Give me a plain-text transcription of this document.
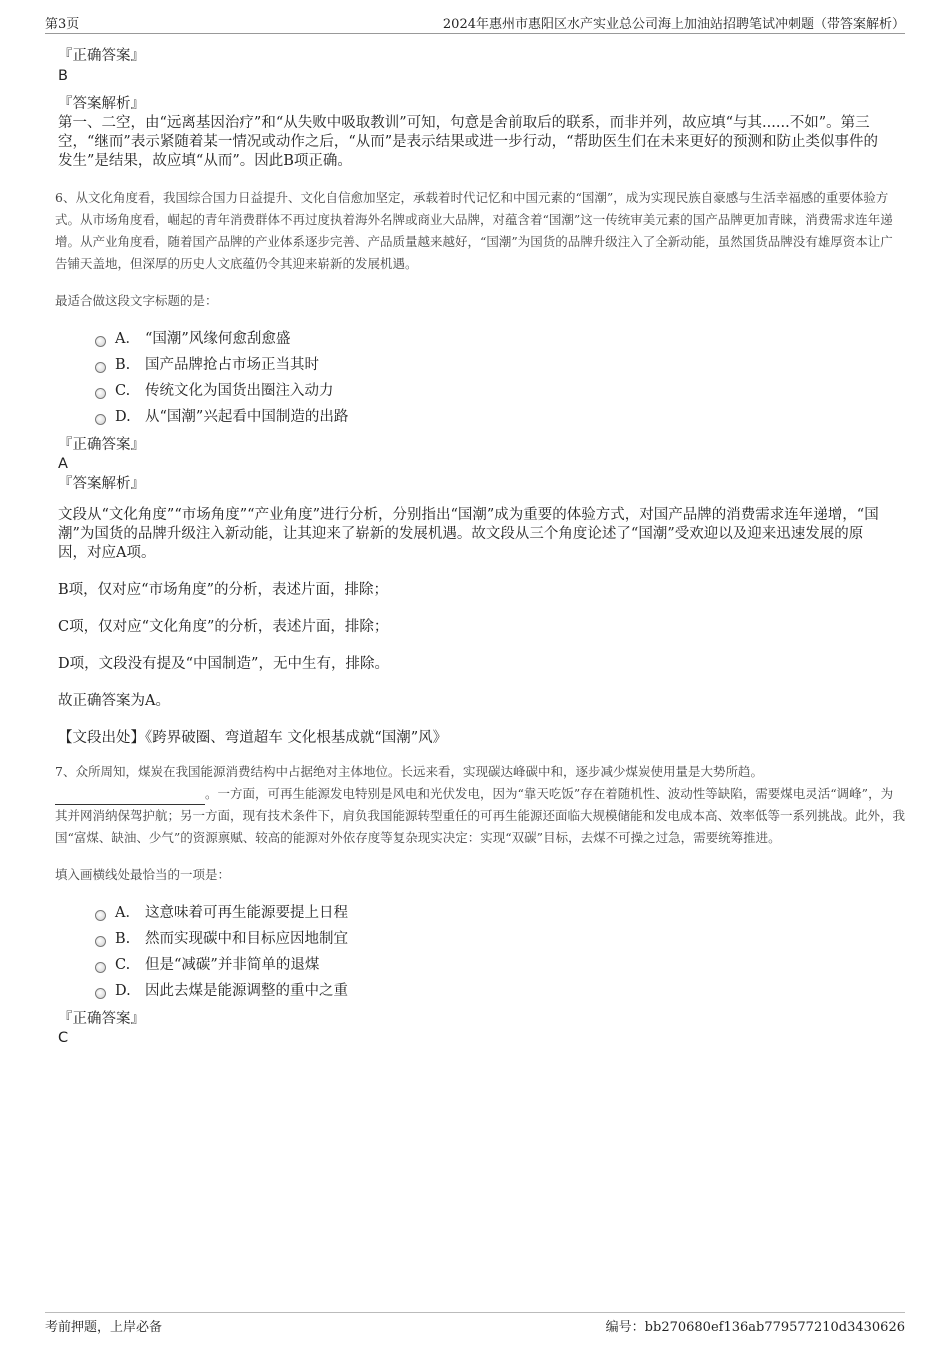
第3页	2024年惠州市惠阳区水产实业总公司海上加油站招聘笔试冲刺题（带答案解析）
『正确答案』
B
『答案解析』
第一、二空，由“远离基因治疗”和“从失败中吸取教训”可知，句意是舍前取后的联系，而非并列，故应填“与其......不如”。第三空，“继而”表示紧随着某一情况或动作之后，“从而”是表示结果或进一步行动，“帮助医生们在未来更好的预测和防止类似事件的发生”是结果，故应填“从而”。因此B项正确。
6、从文化角度看，我国综合国力日益提升、文化自信愈加坚定，承载着时代记忆和中国元素的“国潮”，成为实现民族自豪感与生活幸福感的重要体验方式。从市场角度看，崛起的青年消费群体不再过度执着海外名牌或商业大品牌，对蕴含着“国潮”这一传统审美元素的国产品牌更加青睐，消费需求连年递增。从产业角度看，随着国产品牌的产业体系逐步完善、产品质量越来越好，“国潮”为国货的品牌升级注入了全新动能，虽然国货品牌没有雄厚资本让广告铺天盖地，但深厚的历史人文底蕴仍令其迎来崭新的发展机遇。
最适合做这段文字标题的是：
A． “国潮”风缘何愈刮愈盛
B.	国产品牌抢占市场正当其时
C.	传统文化为国货出圈注入动力
D. 从“国潮”兴起看中国制造的出路
『正确答案』
A
『答案解析』
文段从“文化角度”“市场角度”“产业角度”进行分析，分别指出“国潮”成为重要的体验方式，对国产品牌的消费需求连年递增，“国潮”为国货的品牌升级注入新动能，让其迎来了崭新的发展机遇。故文段从三个角度论述了“国潮”受欢迎以及迎来迅速发展的原因，对应A项。
B项，仅对应“市场角度”的分析，表述片面，排除；
C项，仅对应“文化角度”的分析，表述片面，排除；
D项，文段没有提及“中国制造”，无中生有，排除。
故正确答案为A。
【文段出处】《跨界破圈、弯道超车 文化根基成就“国潮”风》
7、众所周知，煤炭在我国能源消费结构中占据绝对主体地位。长远来看，实现碳达峰碳中和，逐步减少煤炭使用量是大势所趋。
。一方面，可再生能源发电特别是风电和光伏发电，因为“靠天吃饭”存在着随机性、波动性等缺陷，需要煤电灵活“调峰”，为其并网消纳保驾护航；另一方面，现有技术条件下，肩负我国能源转型重任的可再生能源还面临大规模储能和发电成本高、效率低等一系列挑战。此外，我国“富煤、缺油、少气”的资源禀赋、较高的能源对外依存度等复杂现实决定：实现“双碳”目标，去煤不可操之过急，需要统筹推进。
填入画横线处最恰当的一项是：
A． 这意味着可再生能源要提上日程
B.	然而实现碳中和目标应因地制宜
C.	但是“减碳”并非简单的退煤
D. 因此去煤是能源调整的重中之重
『正确答案』
C
考前押题，上岸必备	编号：bb270680ef136ab779577210d3430626
